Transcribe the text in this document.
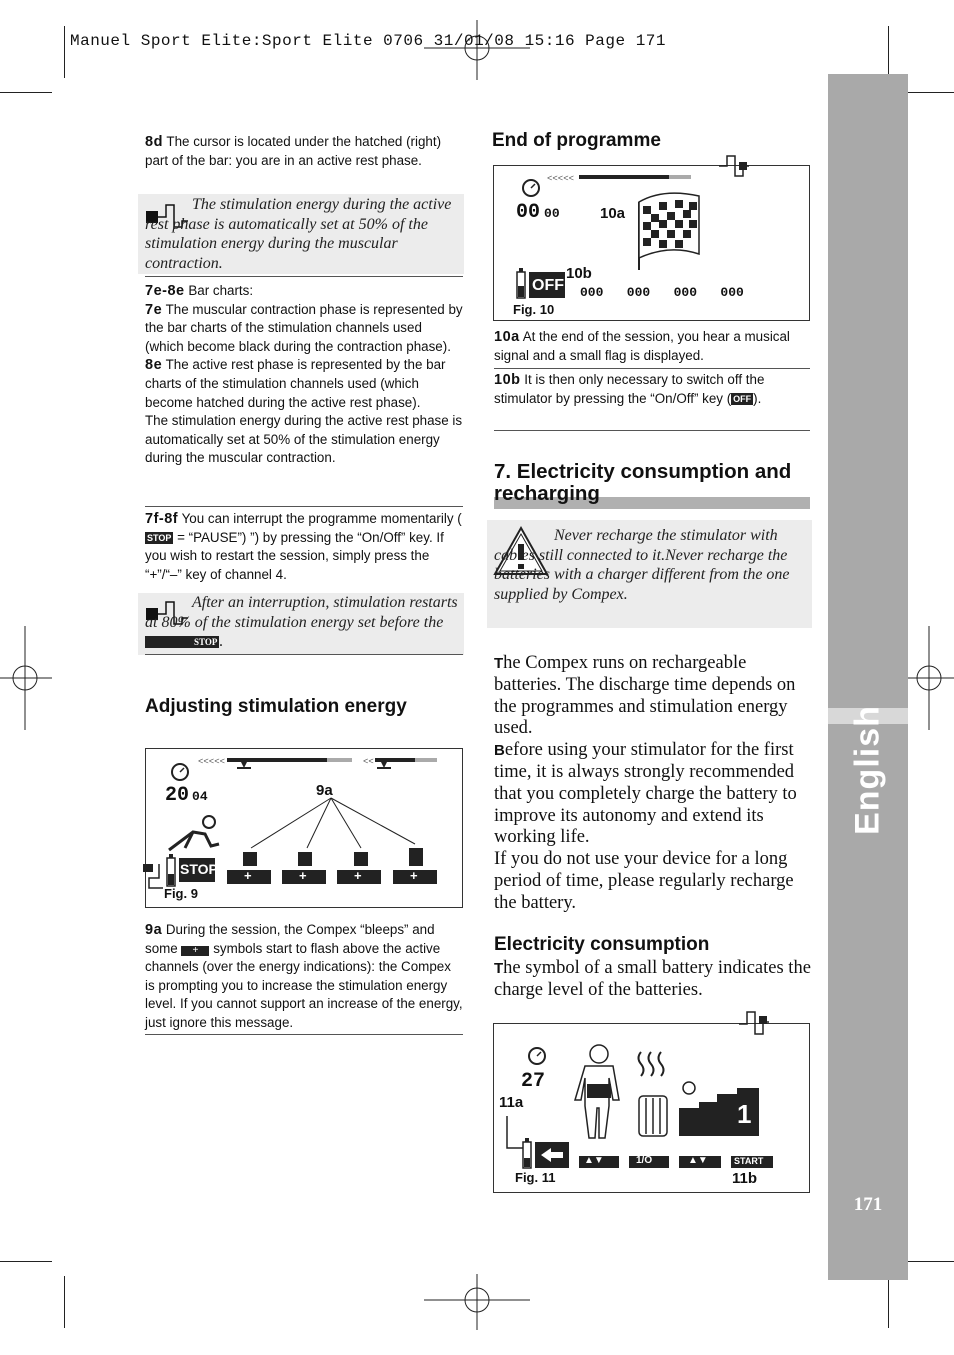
Manuel Sport Elite:Sport Elite 0706 31/01/08 15:16 Page 171
English
171
8d The cursor is located under the hatched (right) part of the bar: you are in an active rest phase.
The stimulation energy during the active rest phase is automatically set at 50% of the stimulation energy during the muscular contraction.
7e-8e Bar charts:
7e The muscular contraction phase is represented by the bar charts of the stimulation channels used (which become black during the contraction phase).
8e The active rest phase is represented by the bar charts of the stimulation channels used (which become hatched during the active rest phase).
The stimulation energy during the active rest phase is automatically set at 50% of the stimulation energy during the muscular contraction.
7f-8f You can interrupt the programme momentarily (STOP = “PAUSE”) ”) by pressing the “On/Off” key. If you wish to restart the session, simply press the “+”/“–” key of channel 4.
After an interruption, stimulation restarts at 80% of the stimulation energy set before the STOP .
Adjusting stimulation energy
<<<<<	<<
20 04
STOP +	+	+	+
9a
Fig. 9
9a During the session, the Compex “bleeps” and some + symbols start to flash above the active channels (over the energy indications): the Compex is prompting you to increase the stimulation energy level. If you cannot support an increase of the energy, just ignore this message.
End of programme
<<<<<
00 00
OFF 000   000   000   000
10a
10b
Fig. 10
10a At the end of the session, you hear a musical signal and a small flag is displayed.
10b It is then only necessary to switch off the stimulator by pressing the “On/Off” key ( OFF ).
7. Electricity consumption and recharging
Never recharge the stimulator with cables still connected to it.Never recharge the batteries with a charger different from the one supplied by Compex.
The Compex runs on rechargeable batteries. The discharge time depends on the programmes and stimulation energy used.
Before using your stimulator for the first time, it is always strongly recommended that you completely charge the battery to improve its autonomy and extend its working life.
If you do not use your device for a long period of time, please regularly recharge the battery.
Electricity consumption
The symbol of a small battery indicates the charge level of the batteries.
27
1
▲▼	1/O	▲▼	START
11a
11b
Fig. 11
